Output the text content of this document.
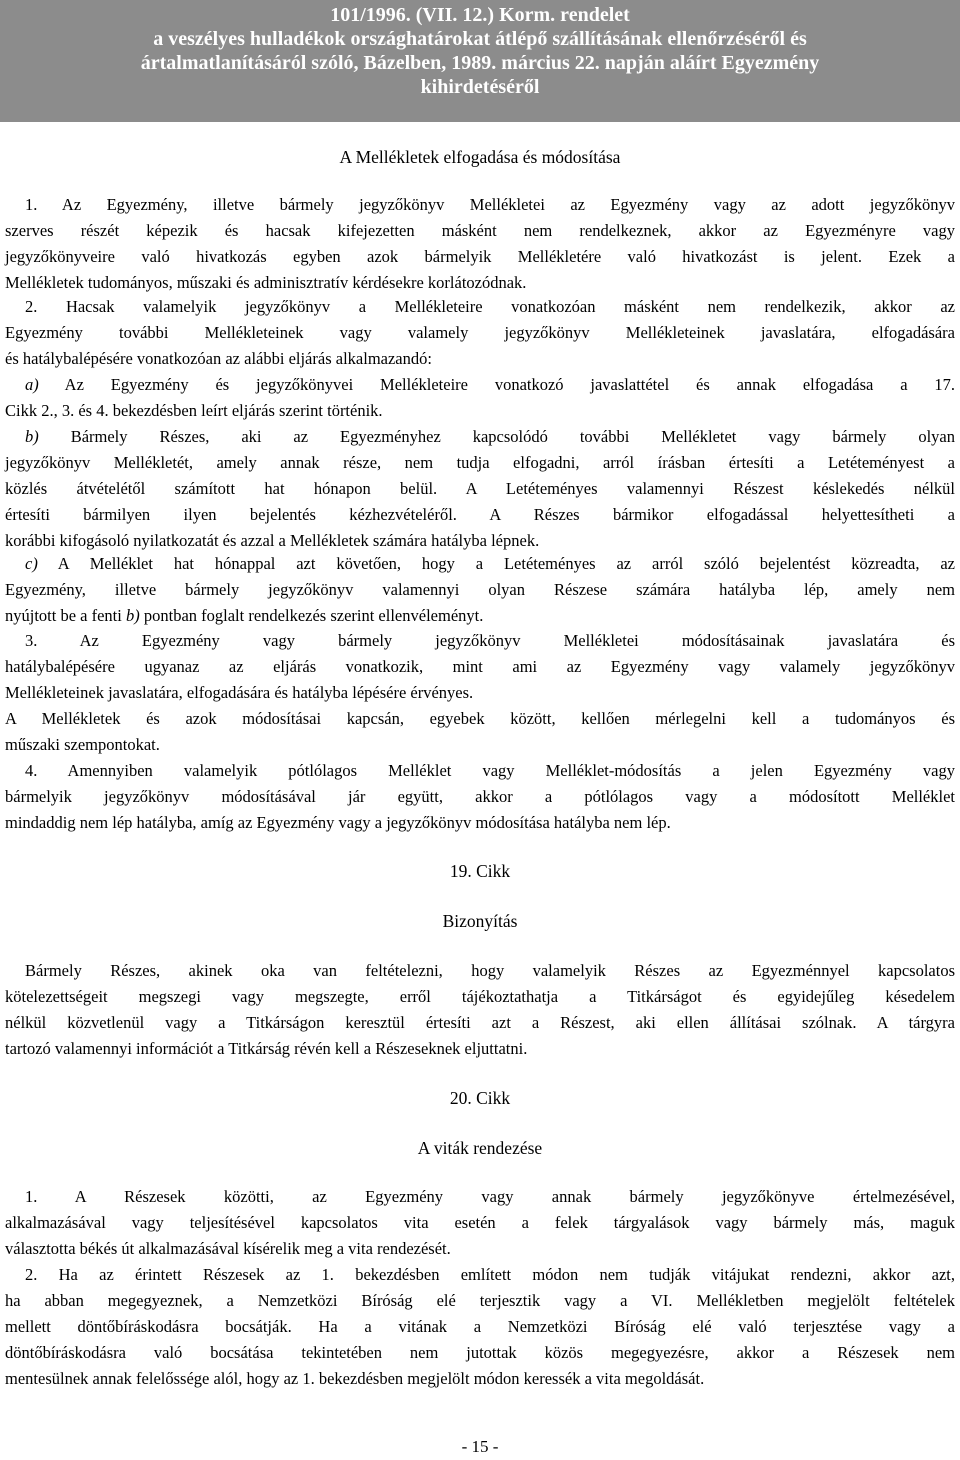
101/1996. (VII. 12.) Korm. rendelet
a veszélyes hulladékok országhatárokat átlépő szállításának ellenőrzéséről és
ártalmatlanításáról szóló, Bázelben, 1989. március 22. napján aláírt Egyezmény
kihirdetéséről
A Mellékletek elfogadása és módosítása
1. Az Egyezmény, illetve bármely jegyzőkönyv Mellékletei az Egyezmény vagy az adott jegyzőkönyv
szerves részét képezik és hacsak kifejezetten másként nem rendelkeznek, akkor az Egyezményre vagy
jegyzőkönyveire való hivatkozás egyben azok bármelyik Mellékletére való hivatkozást is jelent. Ezek a
Mellékletek tudományos, műszaki és adminisztratív kérdésekre korlátozódnak.
2. Hacsak valamelyik jegyzőkönyv a Mellékleteire vonatkozóan másként nem rendelkezik, akkor az
Egyezmény további Mellékleteinek vagy valamely jegyzőkönyv Mellékleteinek javaslatára, elfogadására
és hatálybalépésére vonatkozóan az alábbi eljárás alkalmazandó:
a) Az Egyezmény és jegyzőkönyvei Mellékleteire vonatkozó javaslattétel és annak elfogadása a 17.
Cikk 2., 3. és 4. bekezdésben leírt eljárás szerint történik.
b) Bármely Részes, aki az Egyezményhez kapcsolódó további Mellékletet vagy bármely olyan
jegyzőkönyv Mellékletét, amely annak része, nem tudja elfogadni, arról írásban értesíti a Letéteményest a
közlés átvételétől számított hat hónapon belül. A Letéteményes valamennyi Részest késlekedés nélkül
értesíti bármilyen ilyen bejelentés kézhezvételéről. A Részes bármikor elfogadással helyettesítheti a
korábbi kifogásoló nyilatkozatát és azzal a Mellékletek számára hatályba lépnek.
c) A Melléklet hat hónappal azt követően, hogy a Letéteményes az arról szóló bejelentést közreadta, az
Egyezmény, illetve bármely jegyzőkönyv valamennyi olyan Részese számára hatályba lép, amely nem
nyújtott be a fenti b) pontban foglalt rendelkezés szerint ellenvéleményt.
3. Az Egyezmény vagy bármely jegyzőkönyv Mellékletei módosításainak javaslatára és
hatálybalépésére ugyanaz az eljárás vonatkozik, mint ami az Egyezmény vagy valamely jegyzőkönyv
Mellékleteinek javaslatára, elfogadására és hatályba lépésére érvényes.
A Mellékletek és azok módosításai kapcsán, egyebek között, kellően mérlegelni kell a tudományos és
műszaki szempontokat.
4. Amennyiben valamelyik pótlólagos Melléklet vagy Melléklet-módosítás a jelen Egyezmény vagy
bármelyik jegyzőkönyv módosításával jár együtt, akkor a pótlólagos vagy a módosított Melléklet
mindaddig nem lép hatályba, amíg az Egyezmény vagy a jegyzőkönyv módosítása hatályba nem lép.
19. Cikk
Bizonyítás
Bármely Részes, akinek oka van feltételezni, hogy valamelyik Részes az Egyezménnyel kapcsolatos
kötelezettségeit megszegi vagy megszegte, erről tájékoztathatja a Titkárságot és egyidejűleg késedelem
nélkül közvetlenül vagy a Titkárságon keresztül értesíti azt a Részest, aki ellen állításai szólnak. A tárgyra
tartozó valamennyi információt a Titkárság révén kell a Részeseknek eljuttatni.
20. Cikk
A viták rendezése
1. A Részesek közötti, az Egyezmény vagy annak bármely jegyzőkönyve értelmezésével,
alkalmazásával vagy teljesítésével kapcsolatos vita esetén a felek tárgyalások vagy bármely más, maguk
választotta békés út alkalmazásával kísérelik meg a vita rendezését.
2. Ha az érintett Részesek az 1. bekezdésben említett módon nem tudják vitájukat rendezni, akkor azt,
ha abban megegyeznek, a Nemzetközi Bíróság elé terjesztik vagy a VI. Mellékletben megjelölt feltételek
mellett döntőbíráskodásra bocsátják. Ha a vitának a Nemzetközi Bíróság elé való terjesztése vagy a
döntőbíráskodásra való bocsátása tekintetében nem jutottak közös megegyezésre, akkor a Részesek nem
mentesülnek annak felelőssége alól, hogy az 1. bekezdésben megjelölt módon keressék a vita megoldását.
- 15 -
